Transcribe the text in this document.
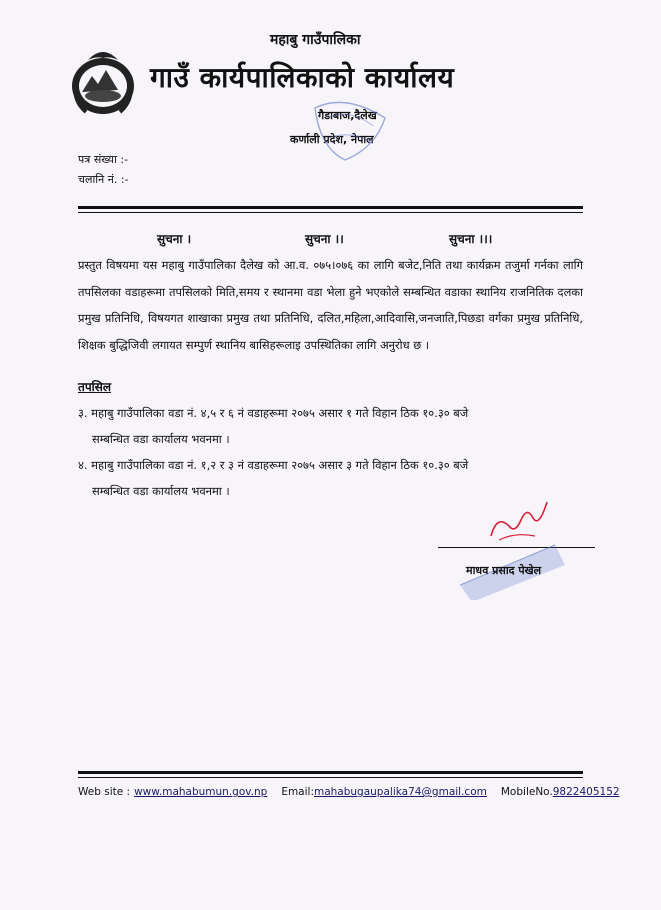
महाबु गाउँपालिका
गाउँ कार्यपालिकाको कार्यालय
गैडाबाज,दैलेख
कर्णाली प्रदेश, नेपाल
पत्र संख्या :-
चलानि नं. :-
सुचना ।	सुचना ।।	सुचना ।।।
प्रस्तुत विषयमा यस महाबु गाउँपालिका दैलेख को आ.व. ०७५।०७६ का लागि बजेट,निति तथा कार्यक्रम तजुर्मा गर्नका लागि तपसिलका वडाहरूमा तपसिलको मिति,समय र स्थानमा वडा भेला हुने भएकोले सम्बन्धित वडाका स्थानिय राजनितिक दलका प्रमुख प्रतिनिधि, विषयगत शाखाका प्रमुख तथा प्रतिनिधि, दलित,महिला,आदिवासि,जनजाति,पिछडा वर्गका प्रमुख प्रतिनिधि, शिक्षक बुद्धिजिवी लगायत सम्पुर्ण स्थानिय बासिहरूलाइ उपस्थितिका लागि अनुरोध छ ।
तपसिल
३. महाबु गाउँपालिका वडा नं. ४,५ र ६ नं वडाहरूमा २०७५ असार १ गते विहान ठिक १०.३० बजे
सम्बन्धित वडा कार्यालय भवनमा ।
४. महाबु गाउँपालिका वडा नं. १,२ र ३ नं वडाहरूमा २०७५ असार ३ गते विहान ठिक १०.३० बजे
सम्बन्धित वडा कार्यालय भवनमा ।
माधव प्रसाद पेखेल
Web site : www.mahabumun.gov.np Email:mahabugaupalika74@gmail.com MobileNo.9822405152
